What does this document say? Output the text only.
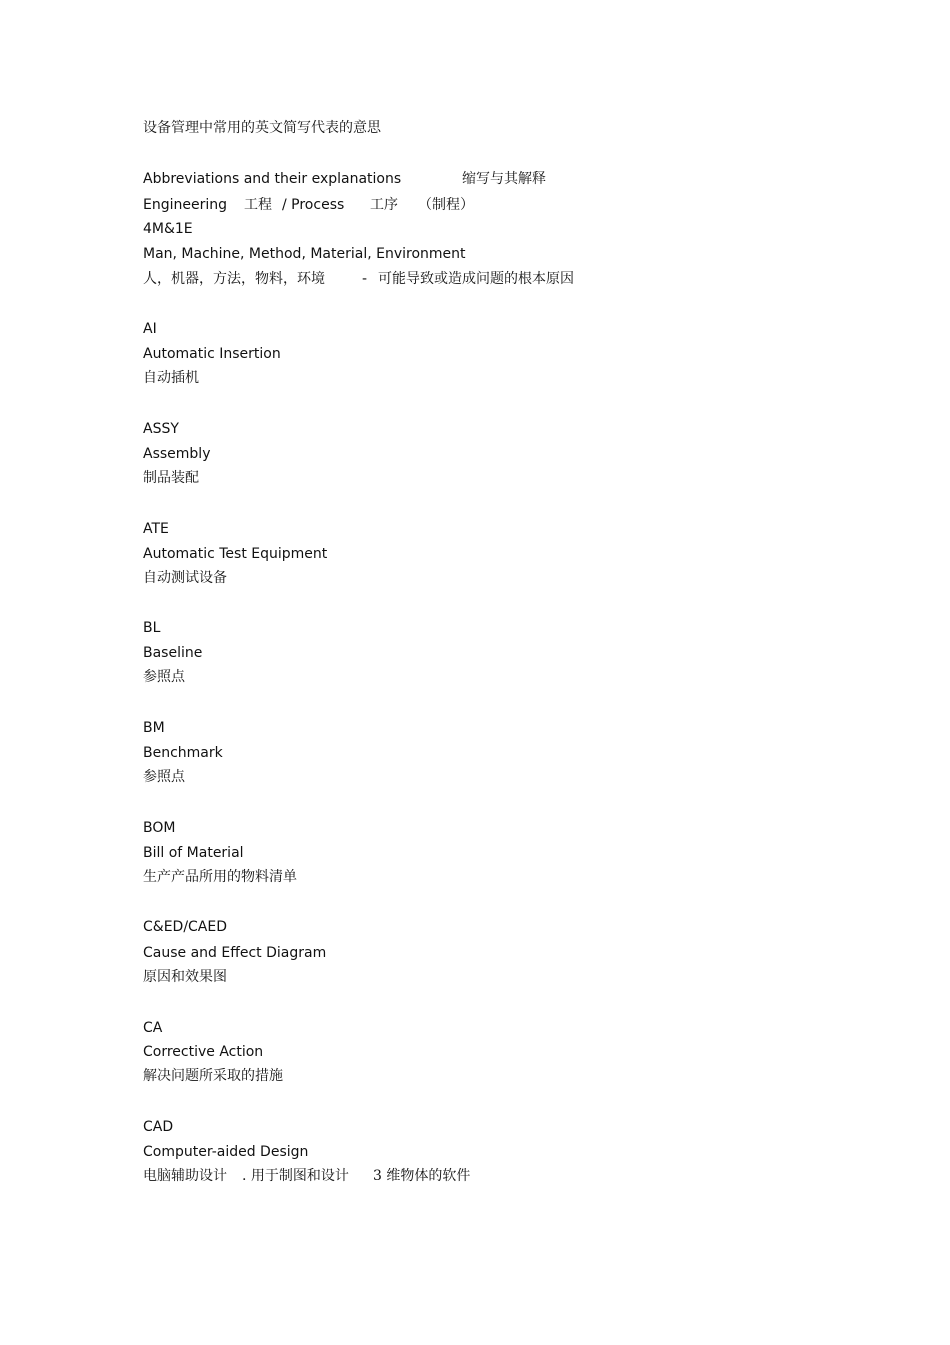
设备管理中常用的英文简写代表的意思

Abbreviations and their explanations

	缩写与其解释

Engineering

工程

/ Process

工序

（制程）

4M&1E
Man, Machine, Method, Material, Environment

人，机器，方法，物料，环境

	-

可能导致或造成问题的根本原因

AI
Automatic Insertion
自动插机
ASSY
Assembly
制品装配
ATE
Automatic Test Equipment
自动测试设备
BL
Baseline
参照点
BM
Benchmark
参照点
BOM
Bill of Material
生产产品所用的物料清单
C&ED/CAED
Cause and Effect Diagram
原因和效果图
CA
Corrective Action
解决问题所采取的措施
CAD
Computer-aided Design

电脑辅助设计

. 用于制图和设计

3 维物体的软件
